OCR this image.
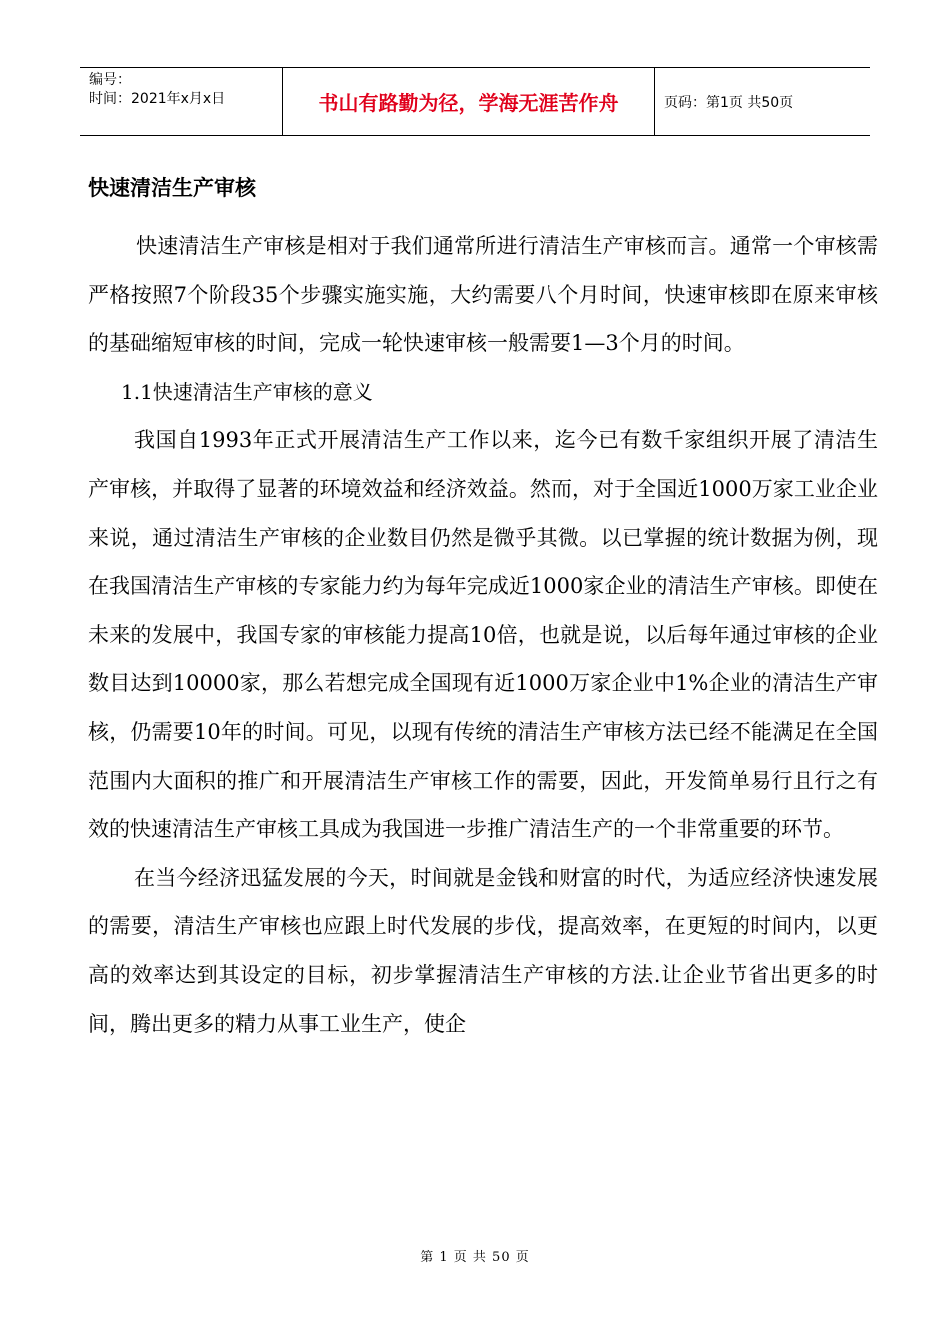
编号：
时间：2021年x月x日	书山有路勤为径，学海无涯苦作舟	页码：第1页 共50页
快速清洁生产审核

快速清洁生产审核是相对于我们通常所进行清洁生产审核而言。通常一个审核需严格按照7个阶段35个步骤实施实施，大约需要八个月时间，快速审核即在原来审核的基础缩短审核的时间，完成一轮快速审核一般需要1—3个月的时间。

1.1快速清洁生产审核的意义

我国自1993年正式开展清洁生产工作以来，迄今已有数千家组织开展了清洁生产审核，并取得了显著的环境效益和经济效益。然而，对于全国近1000万家工业企业来说，通过清洁生产审核的企业数目仍然是微乎其微。以已掌握的统计数据为例，现在我国清洁生产审核的专家能力约为每年完成近1000家企业的清洁生产审核。即使在未来的发展中，我国专家的审核能力提高10倍，也就是说，以后每年通过审核的企业数目达到10000家，那么若想完成全国现有近1000万家企业中1%企业的清洁生产审核，仍需要10年的时间。可见，以现有传统的清洁生产审核方法已经不能满足在全国范围内大面积的推广和开展清洁生产审核工作的需要，因此，开发简单易行且行之有效的快速清洁生产审核工具成为我国进一步推广清洁生产的一个非常重要的环节。

在当今经济迅猛发展的今天，时间就是金钱和财富的时代，为适应经济快速发展的需要，清洁生产审核也应跟上时代发展的步伐，提高效率，在更短的时间内，以更高的效率达到其设定的目标，初步掌握清洁生产审核的方法.让企业节省出更多的时间，腾出更多的精力从事工业生产，使企

第 1 页 共 50 页
